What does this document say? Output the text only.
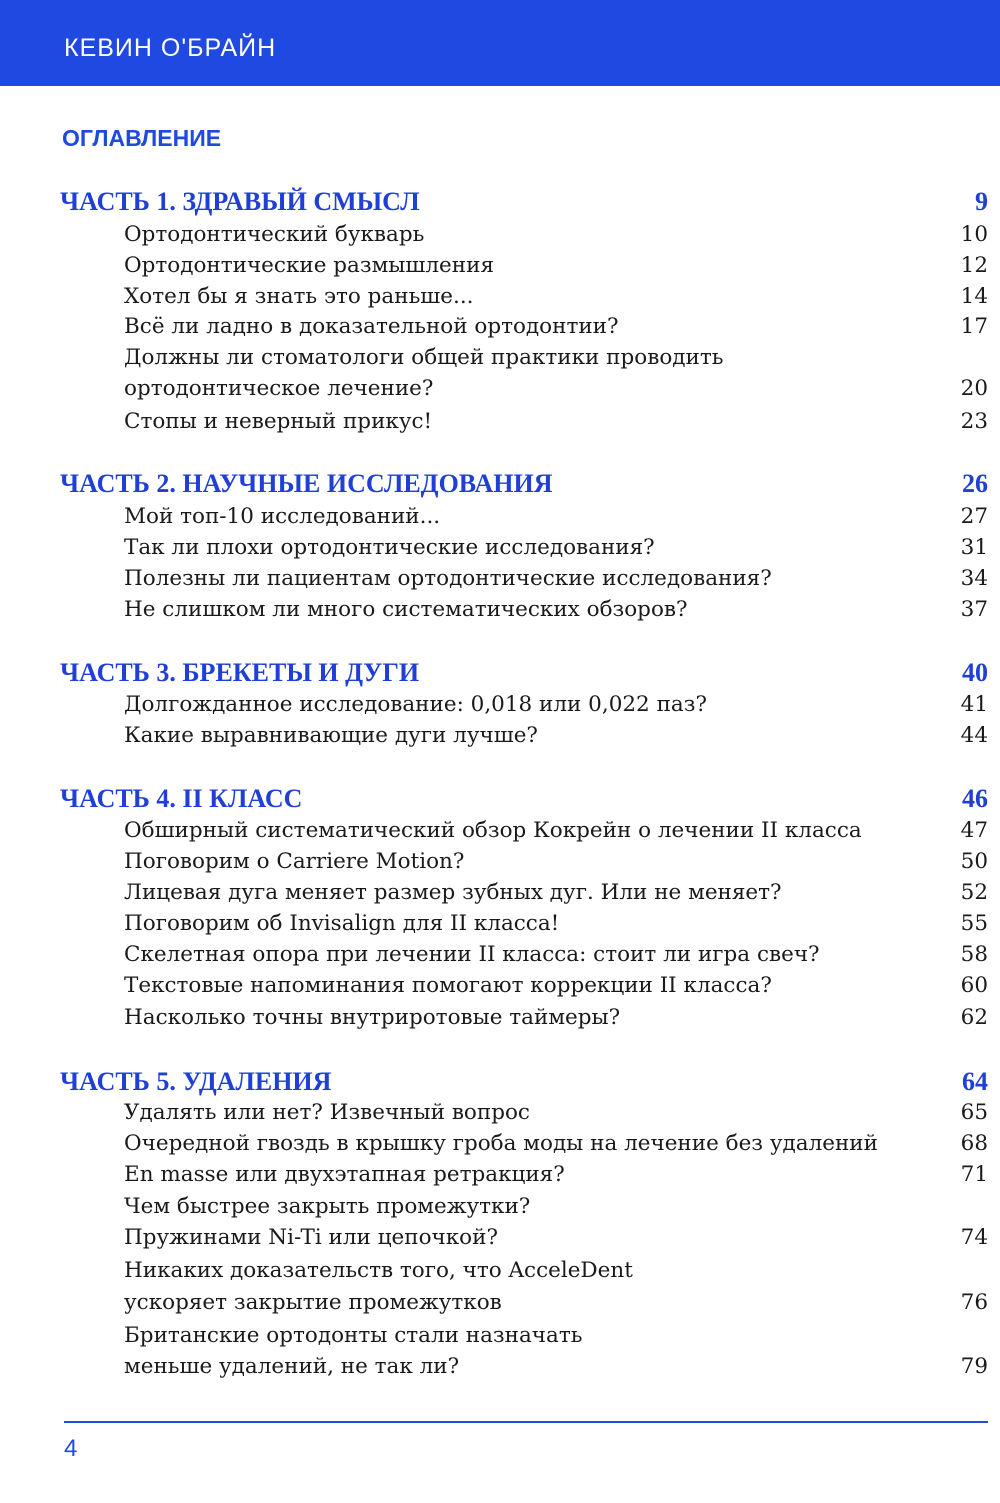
КЕВИН О'БРАЙН
ОГЛАВЛЕНИЕ
ЧАСТЬ 1. ЗДРАВЫЙ СМЫСЛ	9
Ортодонтический букварь	10
Ортодонтические размышления	12
Хотел бы я знать это раньше...	14
Всё ли ладно в доказательной ортодонтии?	17
Должны ли стоматологи общей практики проводить
ортодонтическое лечение?	20
Стопы и неверный прикус!	23
ЧАСТЬ 2. НАУЧНЫЕ ИССЛЕДОВАНИЯ	26
Мой топ-10 исследований...	27
Так ли плохи ортодонтические исследования?	31
Полезны ли пациентам ортодонтические исследования?	34
Не слишком ли много систематических обзоров?	37
ЧАСТЬ 3. БРЕКЕТЫ И ДУГИ	40
Долгожданное исследование: 0,018 или 0,022 паз?	41
Какие выравнивающие дуги лучше?	44
ЧАСТЬ 4. II КЛАСС	46
Обширный систематический обзор Кокрейн о лечении II класса	47
Поговорим о Carriere Motion?	50
Лицевая дуга меняет размер зубных дуг. Или не меняет?	52
Поговорим об Invisalign для II класса!	55
Скелетная опора при лечении II класса: стоит ли игра свеч?	58
Текстовые напоминания помогают коррекции II класса?	60
Насколько точны внутриротовые таймеры?	62
ЧАСТЬ 5. УДАЛЕНИЯ	64
Удалять или нет? Извечный вопрос	65
Очередной гвоздь в крышку гроба моды на лечение без удалений	68
En masse или двухэтапная ретракция?	71
Чем быстрее закрыть промежутки?
Пружинами Ni-Ti или цепочкой?	74
Никаких доказательств того, что AcceleDent
ускоряет закрытие промежутков	76
Британские ортодонты стали назначать
меньше удалений, не так ли?	79
4
